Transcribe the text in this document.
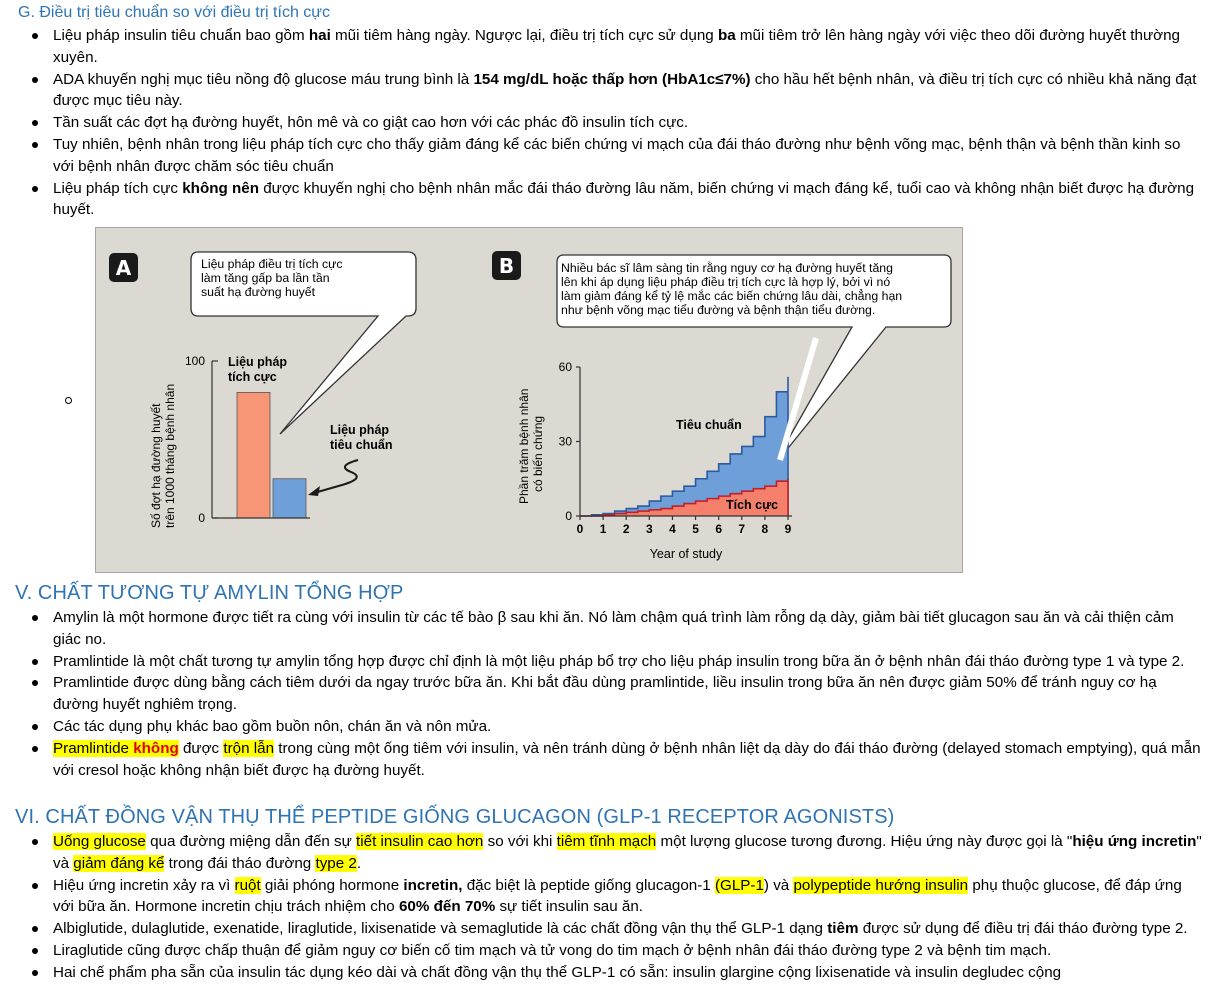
G. Điều trị tiêu chuẩn so với điều trị tích cực
Liệu pháp insulin tiêu chuẩn bao gồm hai mũi tiêm hàng ngày. Ngược lại, điều trị tích cực sử dụng ba mũi tiêm trở lên hàng ngày với việc theo dõi đường huyết thường xuyên.
ADA khuyến nghị mục tiêu nồng độ glucose máu trung bình là 154 mg/dL hoặc thấp hơn (HbA1c≤7%) cho hầu hết bệnh nhân, và điều trị tích cực có nhiều khả năng đạt được mục tiêu này.
Tần suất các đợt hạ đường huyết, hôn mê và co giật cao hơn với các phác đồ insulin tích cực.
Tuy nhiên, bệnh nhân trong liệu pháp tích cực cho thấy giảm đáng kể các biến chứng vi mạch của đái tháo đường như bệnh võng mạc, bệnh thận và bệnh thần kinh so với bệnh nhân được chăm sóc tiêu chuẩn
Liệu pháp tích cực không nên được khuyến nghị cho bệnh nhân mắc đái tháo đường lâu năm, biến chứng vi mạch đáng kể, tuổi cao và không nhận biết được hạ đường huyết.
A	Liệu pháp điều trị tích cực làm tăng gấp ba lần tần suất hạ đường huyết
100
0
Số đợt hạ đường huyết trên 1000 tháng bệnh nhân
Liệu pháp tích cực
Liệu pháp tiêu chuẩn
B	Nhiều bác sĩ lâm sàng tin rằng nguy cơ hạ đường huyết tăng lên khi áp dụng liệu pháp điều trị tích cực là hợp lý, bởi vì nó làm giảm đáng kể tỷ lệ mắc các biến chứng lâu dài, chẳng hạn như bệnh võng mạc tiểu đường và bệnh thận tiểu đường.
0
30
60
0 1 2 3 4 5 6 7 8 9
Phần trăm bệnh nhân có biến chứng
Year of study
Tiêu chuẩn
Tích cực
V. CHẤT TƯƠNG TỰ AMYLIN TỔNG HỢP
Amylin là một hormone được tiết ra cùng với insulin từ các tế bào β sau khi ăn. Nó làm chậm quá trình làm rỗng dạ dày, giảm bài tiết glucagon sau ăn và cải thiện cảm giác no.
Pramlintide là một chất tương tự amylin tổng hợp được chỉ định là một liệu pháp bổ trợ cho liệu pháp insulin trong bữa ăn ở bệnh nhân đái tháo đường type 1 và type 2.
Pramlintide được dùng bằng cách tiêm dưới da ngay trước bữa ăn. Khi bắt đầu dùng pramlintide, liều insulin trong bữa ăn nên được giảm 50% để tránh nguy cơ hạ đường huyết nghiêm trọng.
Các tác dụng phụ khác bao gồm buồn nôn, chán ăn và nôn mửa.
Pramlintide không được trộn lẫn trong cùng một ống tiêm với insulin, và nên tránh dùng ở bệnh nhân liệt dạ dày do đái tháo đường (delayed stomach emptying), quá mẫn với cresol hoặc không nhận biết được hạ đường huyết.
VI. CHẤT ĐỒNG VẬN THỤ THỂ PEPTIDE GIỐNG GLUCAGON (GLP-1 RECEPTOR AGONISTS)
Uống glucose qua đường miệng dẫn đến sự tiết insulin cao hơn so với khi tiêm tĩnh mạch một lượng glucose tương đương. Hiệu ứng này được gọi là "hiệu ứng incretin" và giảm đáng kể trong đái tháo đường type 2.
Hiệu ứng incretin xảy ra vì ruột giải phóng hormone incretin, đặc biệt là peptide giống glucagon-1 (GLP-1) và polypeptide hướng insulin phụ thuộc glucose, để đáp ứng với bữa ăn. Hormone incretin chịu trách nhiệm cho 60% đến 70% sự tiết insulin sau ăn.
Albiglutide, dulaglutide, exenatide, liraglutide, lixisenatide và semaglutide là các chất đồng vận thụ thể GLP-1 dạng tiêm được sử dụng để điều trị đái tháo đường type 2.
Liraglutide cũng được chấp thuận để giảm nguy cơ biến cố tim mạch và tử vong do tim mạch ở bệnh nhân đái tháo đường type 2 và bệnh tim mạch.
Hai chế phẩm pha sẵn của insulin tác dụng kéo dài và chất đồng vận thụ thể GLP-1 có sẵn: insulin glargine cộng lixisenatide và insulin degludec cộng
